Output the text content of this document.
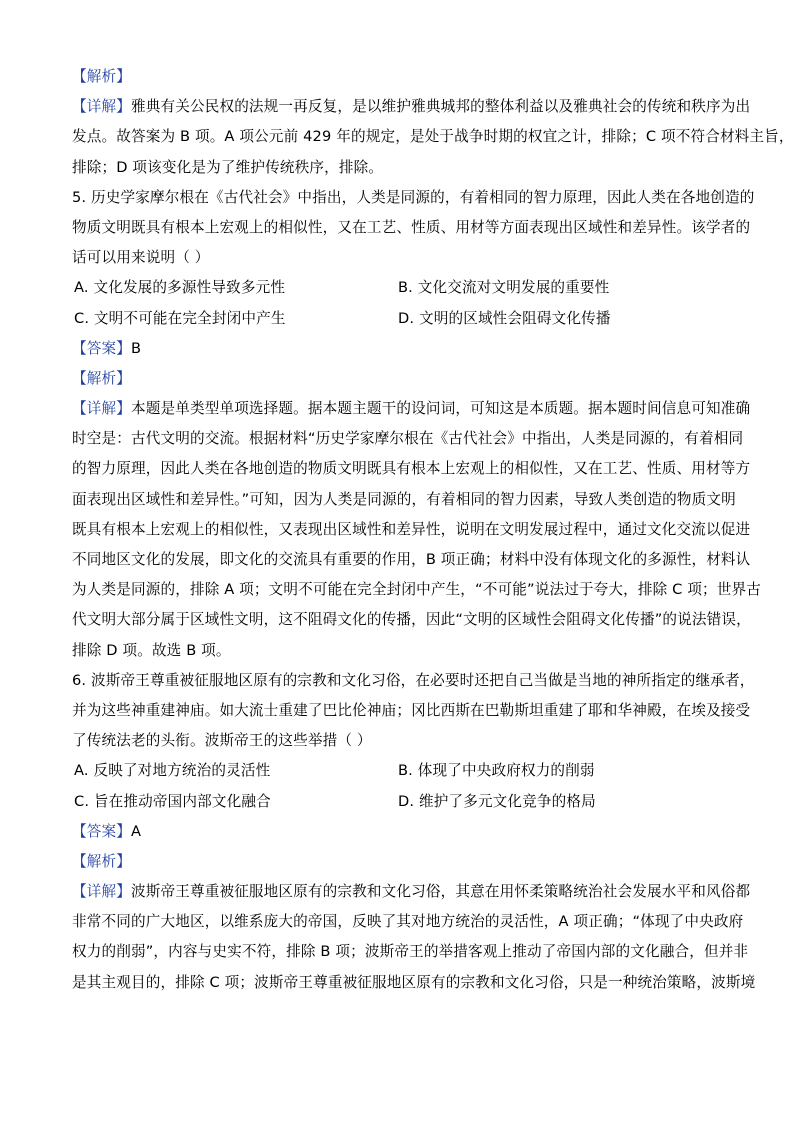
【解析】
【详解】雅典有关公民权的法规一再反复，是以维护雅典城邦的整体利益以及雅典社会的传统和秩序为出
发点。故答案为 B 项。A 项公元前 429 年的规定，是处于战争时期的权宜之计，排除；C 项不符合材料主旨，
排除；D 项该变化是为了维护传统秩序，排除。
5. 历史学家摩尔根在《古代社会》中指出，人类是同源的，有着相同的智力原理，因此人类在各地创造的
物质文明既具有根本上宏观上的相似性，又在工艺、性质、用材等方面表现出区域性和差异性。该学者的
话可以用来说明（ ）
A. 文化发展的多源性导致多元性	B. 文化交流对文明发展的重要性
C. 文明不可能在完全封闭中产生	D. 文明的区域性会阻碍文化传播
【答案】B
【解析】
【详解】本题是单类型单项选择题。据本题主题干的设问词，可知这是本质题。据本题时间信息可知准确
时空是：古代文明的交流。根据材料“历史学家摩尔根在《古代社会》中指出，人类是同源的，有着相同
的智力原理，因此人类在各地创造的物质文明既具有根本上宏观上的相似性，又在工艺、性质、用材等方
面表现出区域性和差异性。”可知，因为人类是同源的，有着相同的智力因素，导致人类创造的物质文明
既具有根本上宏观上的相似性，又表现出区域性和差异性，说明在文明发展过程中，通过文化交流以促进
不同地区文化的发展，即文化的交流具有重要的作用，B 项正确；材料中没有体现文化的多源性，材料认
为人类是同源的，排除 A 项；文明不可能在完全封闭中产生，“不可能”说法过于夸大，排除 C 项；世界古
代文明大部分属于区域性文明，这不阻碍文化的传播，因此“文明的区域性会阻碍文化传播”的说法错误，
排除 D 项。故选 B 项。
6. 波斯帝王尊重被征服地区原有的宗教和文化习俗，在必要时还把自己当做是当地的神所指定的继承者，
并为这些神重建神庙。如大流士重建了巴比伦神庙；冈比西斯在巴勒斯坦重建了耶和华神殿，在埃及接受
了传统法老的头衔。波斯帝王的这些举措（ ）
A. 反映了对地方统治的灵活性	B. 体现了中央政府权力的削弱
C. 旨在推动帝国内部文化融合	D. 维护了多元文化竞争的格局
【答案】A
【解析】
【详解】波斯帝王尊重被征服地区原有的宗教和文化习俗，其意在用怀柔策略统治社会发展水平和风俗都
非常不同的广大地区，以维系庞大的帝国，反映了其对地方统治的灵活性，A 项正确；“体现了中央政府
权力的削弱”，内容与史实不符，排除 B 项；波斯帝王的举措客观上推动了帝国内部的文化融合，但并非
是其主观目的，排除 C 项；波斯帝王尊重被征服地区原有的宗教和文化习俗，只是一种统治策略，波斯境
